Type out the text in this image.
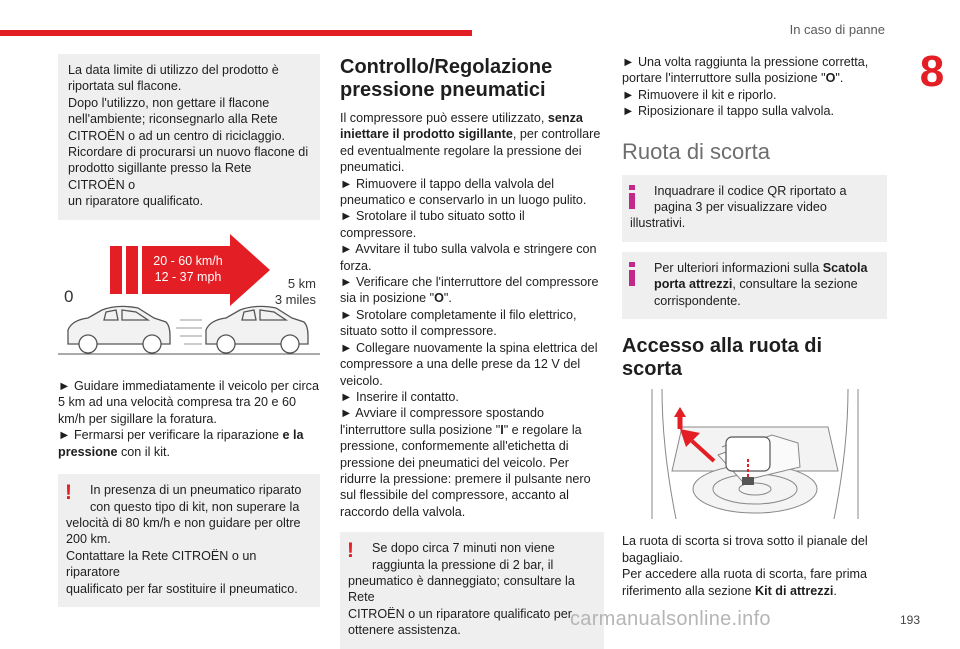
In caso di panne
8

La data limite di utilizzo del prodotto è

riportata sul flacone.

Dopo l'utilizzo, non gettare il flacone

nell'ambiente; riconsegnarlo alla Rete

CITROËN o ad un centro di riciclaggio.

Ricordare di procurarsi un nuovo flacone di

prodotto sigillante presso la Rete CITROËN o

un riparatore qualificato.

20 - 60 km/h
12 - 37 mph
0
5 km
3 miles

► Guidare immediatamente il veicolo per circa 5 km ad una velocità compresa tra 20 e 60 km/h per sigillare la foratura.

► Fermarsi per verificare la riparazione e la pressione con il kit.

!	In presenza di un pneumatico riparato

con questo tipo di kit, non superare la

velocità di 80 km/h e non guidare per oltre

200 km.

Contattare la Rete CITROËN o un riparatore

qualificato per far sostituire il pneumatico.

Controllo/Regolazione pressione pneumatici

Il compressore può essere utilizzato, senza iniettare il prodotto sigillante, per controllare ed eventualmente regolare la pressione dei pneumatici.

► Rimuovere il tappo della valvola del pneumatico e conservarlo in un luogo pulito.

► Srotolare il tubo situato sotto il compressore.

► Avvitare il tubo sulla valvola e stringere con forza.

► Verificare che l'interruttore del compressore sia in posizione "O".

► Srotolare completamente il filo elettrico, situato sotto il compressore.

► Collegare nuovamente la spina elettrica del compressore a una delle prese da 12 V del veicolo.

► Inserire il contatto.

► Avviare il compressore spostando l'interruttore sulla posizione "I" e regolare la pressione, conformemente all'etichetta di pressione dei pneumatici del veicolo. Per ridurre la pressione: premere il pulsante nero sul flessibile del compressore, accanto al raccordo della valvola.

!	Se dopo circa 7 minuti non viene

raggiunta la pressione di 2 bar, il

pneumatico è danneggiato; consultare la Rete

CITROËN o un riparatore qualificato per

ottenere assistenza.

► Una volta raggiunta la pressione corretta, portare l'interruttore sulla posizione "O".

► Rimuovere il kit e riporlo.

► Riposizionare il tappo sulla valvola.

Ruota di scorta

Inquadrare il codice QR riportato a

pagina 3 per visualizzare video

illustrativi.

Per ulteriori informazioni sulla Scatola porta attrezzi, consultare la sezione corrispondente.

Accesso alla ruota di scorta

La ruota di scorta si trova sotto il pianale del bagagliaio.

Per accedere alla ruota di scorta, fare prima riferimento alla sezione Kit di attrezzi.

carmanualsonline.info	193
